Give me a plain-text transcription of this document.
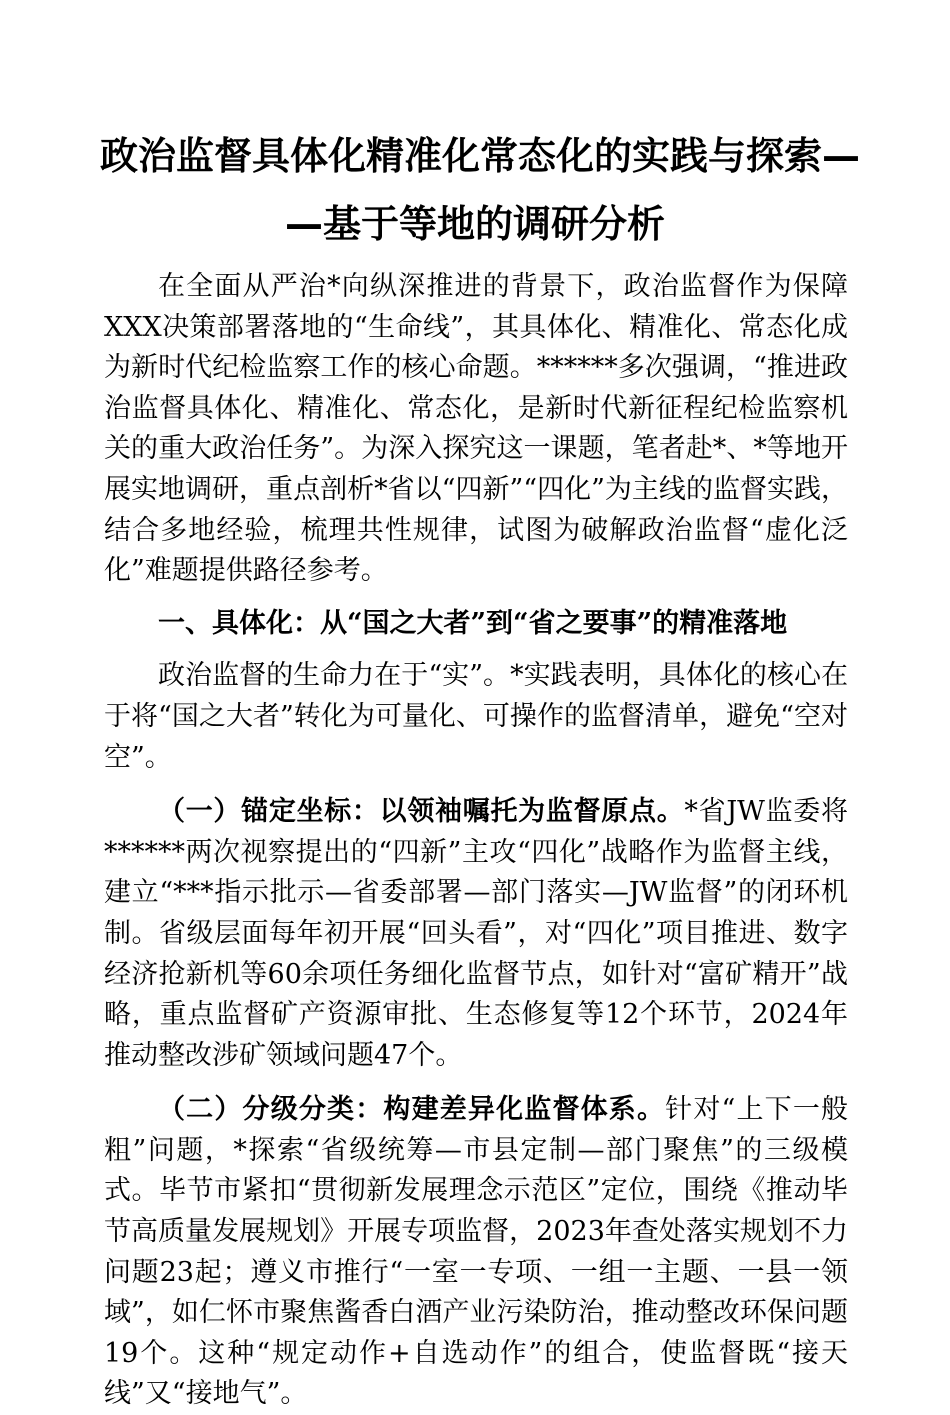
政治监督具体化精准化常态化的实践与探索—
—基于等地的调研分析

在全面从严治*向纵深推进的背景下，政治监督作为保障XXX决策部署落地的“生命线”，其具体化、精准化、常态化成为新时代纪检监察工作的核心命题。******多次强调，“推进政治监督具体化、精准化、常态化，是新时代新征程纪检监察机关的重大政治任务”。为深入探究这一课题，笔者赴*、*等地开展实地调研，重点剖析*省以“四新”“四化”为主线的监督实践，结合多地经验，梳理共性规律，试图为破解政治监督“虚化泛化”难题提供路径参考。

一、具体化：从“国之大者”到“省之要事”的精准落地

政治监督的生命力在于“实”。*实践表明，具体化的核心在于将“国之大者”转化为可量化、可操作的监督清单，避免“空对空”。

（一）锚定坐标：以领袖嘱托为监督原点。*省JW监委将******两次视察提出的“四新”主攻“四化”战略作为监督主线，建立“***指示批示—省委部署—部门落实—JW监督”的闭环机制。省级层面每年初开展“回头看”，对“四化”项目推进、数字经济抢新机等60余项任务细化监督节点，如针对“富矿精开”战略，重点监督矿产资源审批、生态修复等12个环节，2024年推动整改涉矿领域问题47个。

（二）分级分类：构建差异化监督体系。针对“上下一般粗”问题，*探索“省级统筹—市县定制—部门聚焦”的三级模式。毕节市紧扣“贯彻新发展理念示范区”定位，围绕《推动毕节高质量发展规划》开展专项监督，2023年查处落实规划不力问题23起；遵义市推行“一室一专项、一组一主题、一县一领域”，如仁怀市聚焦酱香白酒产业污染防治，推动整改环保问题19个。这种“规定动作+自选动作”的组合，使监督既“接天线”又“接地气”。
